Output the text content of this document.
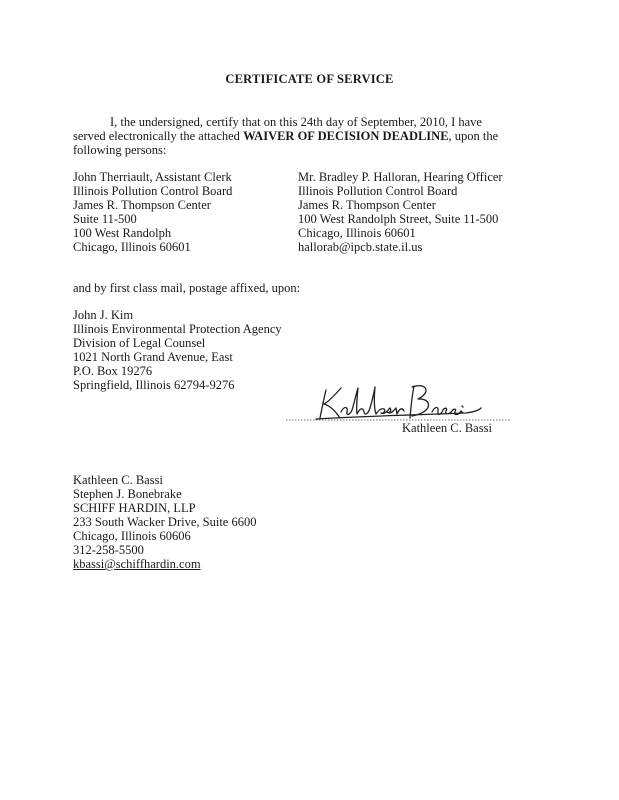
CERTIFICATE OF SERVICE

I, the undersigned, certify that on this 24th day of September, 2010, I have served electronically the attached WAIVER OF DECISION DEADLINE, upon the following persons:

John Therriault, Assistant Clerk
Illinois Pollution Control Board
James R. Thompson Center
Suite 11-500
100 West Randolph
Chicago, Illinois 60601
Mr. Bradley P. Halloran, Hearing Officer
Illinois Pollution Control Board
James R. Thompson Center
100 West Randolph Street, Suite 11-500
Chicago, Illinois 60601
hallorab@ipcb.state.il.us
and by first class mail, postage affixed, upon:
John J. Kim
Illinois Environmental Protection Agency
Division of Legal Counsel
1021 North Grand Avenue, East
P.O. Box 19276
Springfield, Illinois 62794-9276
Kathleen C. Bassi
Kathleen C. Bassi
Stephen J. Bonebrake
SCHIFF HARDIN, LLP
233 South Wacker Drive, Suite 6600
Chicago, Illinois 60606
312-258-5500
kbassi@schiffhardin.com
